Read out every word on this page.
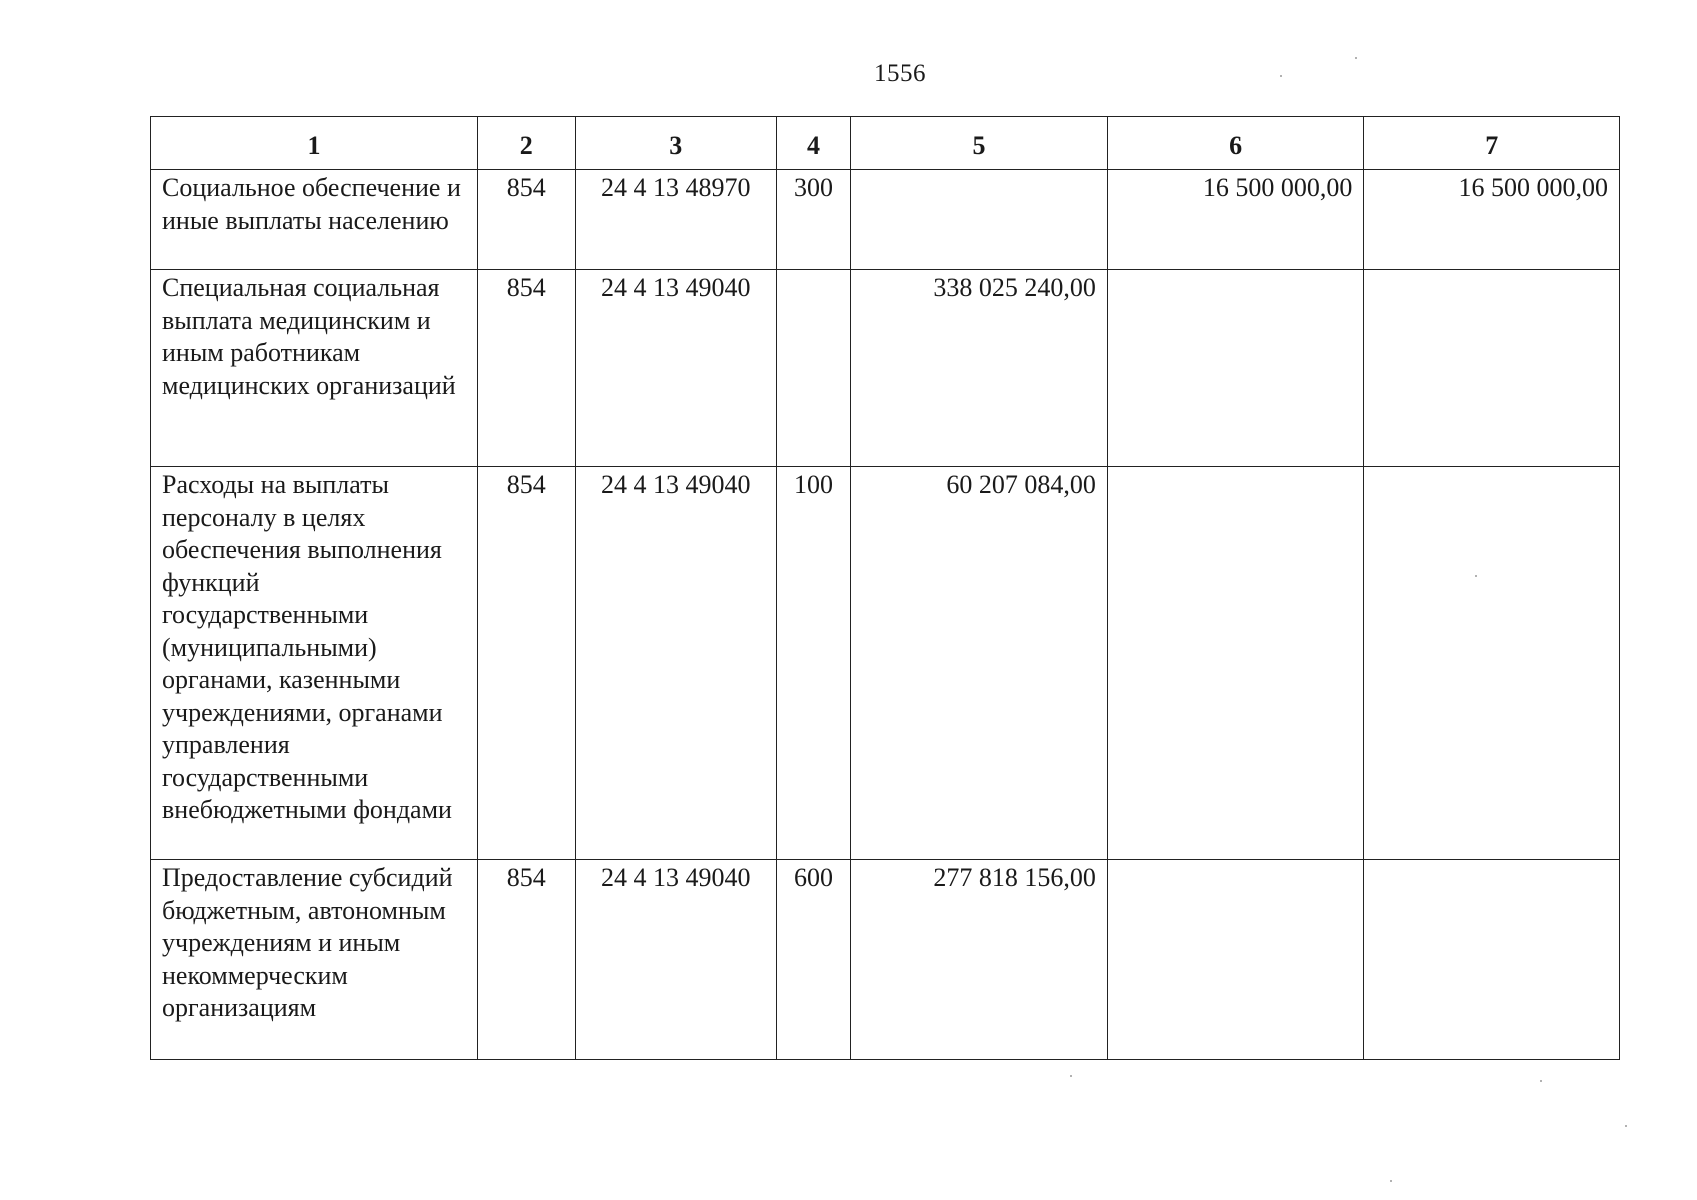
1556
1	2	3	4	5	6	7
Социальное обеспечение и иные выплаты населению	854	24 4 13 48970	300		16 500 000,00	16 500 000,00
Специальная социальная выплата медицинским и иным работникам медицинских организаций	854	24 4 13 49040		338 025 240,00		
Расходы на выплаты персоналу в целях обеспечения выполнения функций государственными (муниципальными) органами, казенными учреждениями, органами управления государственными внебюджетными фондами	854	24 4 13 49040	100	60 207 084,00		
Предоставление субсидий бюджетным, автономным учреждениям и иным некоммерческим организациям	854	24 4 13 49040	600	277 818 156,00		
